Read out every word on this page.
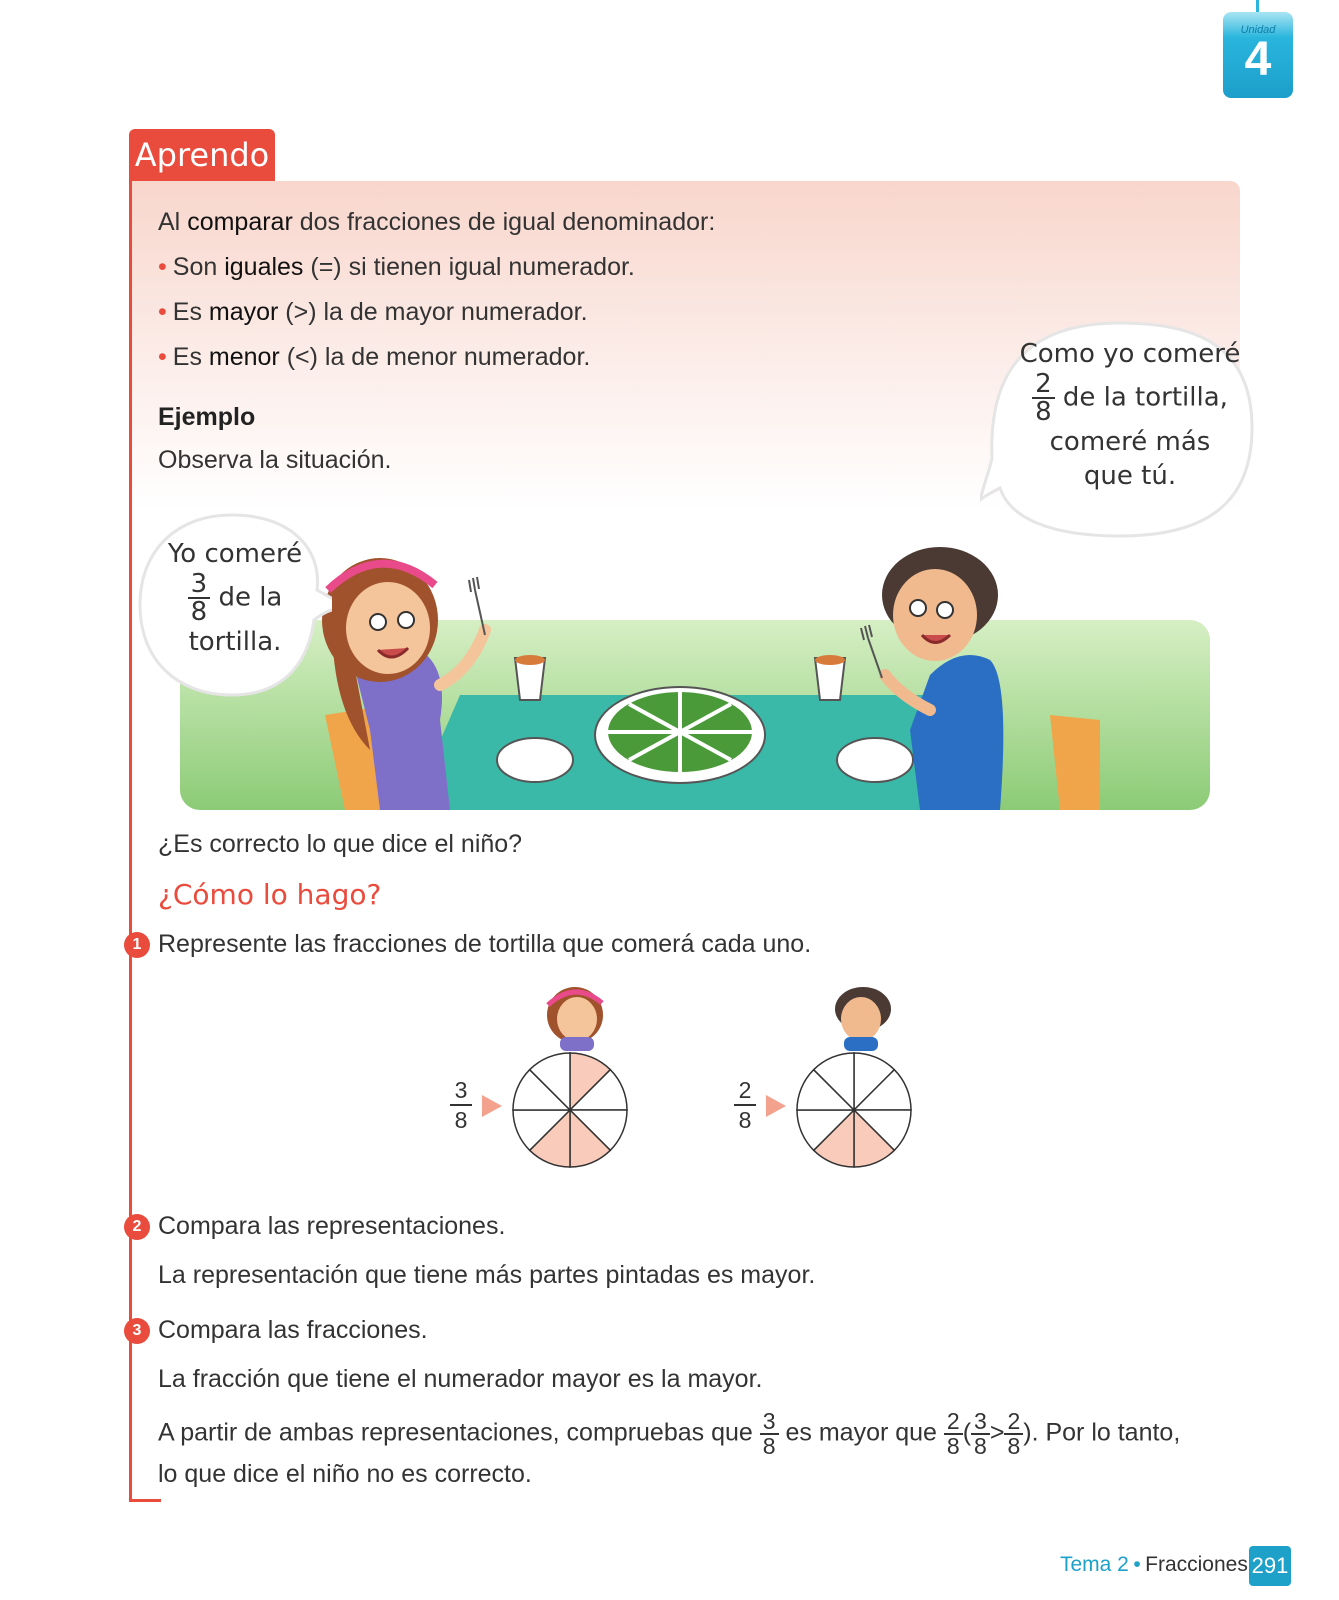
Unidad
4
Aprendo
Al comparar dos fracciones de igual denominador:
• Son iguales (=) si tienen igual numerador.
• Es mayor (>) la de mayor numerador.
• Es menor (<) la de menor numerador.
Ejemplo
Observa la situación.
Yo comeré
$\frac{3}{8}$ de la
tortilla.
Como yo comeré
$\frac{2}{8}$ de la tortilla,
comeré más
que tú.
¿Es correcto lo que dice el niño?
¿Cómo lo hago?
1 Represente las fracciones de tortilla que comerá cada uno.
3
8
2
8
2 Compara las representaciones.
La representación que tiene más partes pintadas es mayor.
3 Compara las fracciones.
La fracción que tiene el numerador mayor es la mayor.
A partir de ambas representaciones, compruebas que $\frac{3}{8}$ es mayor que $\frac{2}{8}$ ( $\frac{3}{8} > \frac{2}{8}$ ). Por lo tanto,
lo que dice el niño no es correcto.
Tema 2 • Fracciones 291
